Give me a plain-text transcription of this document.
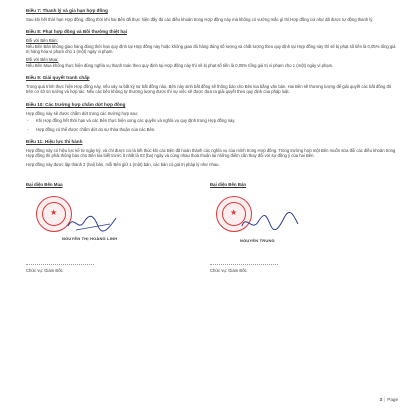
Điều 7: Thanh lý và gia hạn hợp đồng
Sau khi hết thời hạn Hợp đồng, đồng thời khi hai Bên đã thực hiện đầy đủ các điều khoản trong Hợp đồng này mà không có vướng mắc gì thì Hợp đồng coi như đã được tự động thanh lý.
Điều 8: Phạt hợp đồng và Bồi thường thiệt hại
Đối với Bên Bán:
Nếu Bên Bán không giao hàng đúng thời hạn quy định tại Hợp đồng này hoặc không giao đủ hàng đúng số lượng và chất lượng theo quy định tại Hợp đồng này thì sẽ bị phạt số tiền là 0,05% tổng giá trị hàng hóa vi phạm cho 1 (một) ngày vi phạm.
Đối với Bên Mua:
Nếu Bên Mua không thực hiện đúng nghĩa vụ thanh toán theo quy định tại Hợp đồng này thì sẽ bị phạt số tiền là 0,05% tổng giá trị vi phạm cho 1 (một) ngày vi phạm.
Điều 9: Giải quyết tranh chấp
Trong quá trình thực hiện Hợp đồng này, nếu xảy ra bất kỳ sự bất đồng nào, Bên này sinh bất đồng sẽ thông báo cho Bên kia bằng văn bản. Hai Bên sẽ thương lượng để giải quyết các bất đồng đó trên cơ sở tin tưởng và hợp tác. Nếu các bên không tự thương lượng được thì sự việc sẽ được đưa ra giải quyết theo quy định của pháp luật.
Điều 10: Các trường hợp chấm dứt hợp đồng
Hợp đồng này sẽ được chấm dứt trong các trường hợp sau:
- Khi Hợp đồng hết thời hạn và các Bên thực hiện xong các quyền và nghĩa vụ quy định trong Hợp đồng này.
- Hợp đồng có thể được chấm dứt do sự thỏa thuận của các Bên.
Điều 11: Hiệu lực thi hành
Hợp đồng này có hiệu lực kể từ ngày ký, và chỉ được coi là kết thúc khi các Bên đã hoàn thành các nghĩa vụ của mình trong Hợp đồng. Trong trường hợp một Bên muốn sửa đổi các điều khoản trong Hợp đồng thì phải thông báo cho Bên kia biết trước ít nhất là 03 (ba) ngày và cùng nhau thoả thuận lại những điểm cần thay đổi với sự đồng ý của hai Bên.
Hợp đồng này được lập thành 2 (hai) bản, mỗi Bên giữ 1 (một) bản, các bản có giá trị pháp lý như nhau.
Đại diện Bên Mua	Đại diện Bên Bán
★	★
NGUYỄN THỊ HOÀNG LINH	NGUYỄN TRUNG
Chức vụ: Giám Đốc	Chức vụ: Giám Đốc
3 | Page
